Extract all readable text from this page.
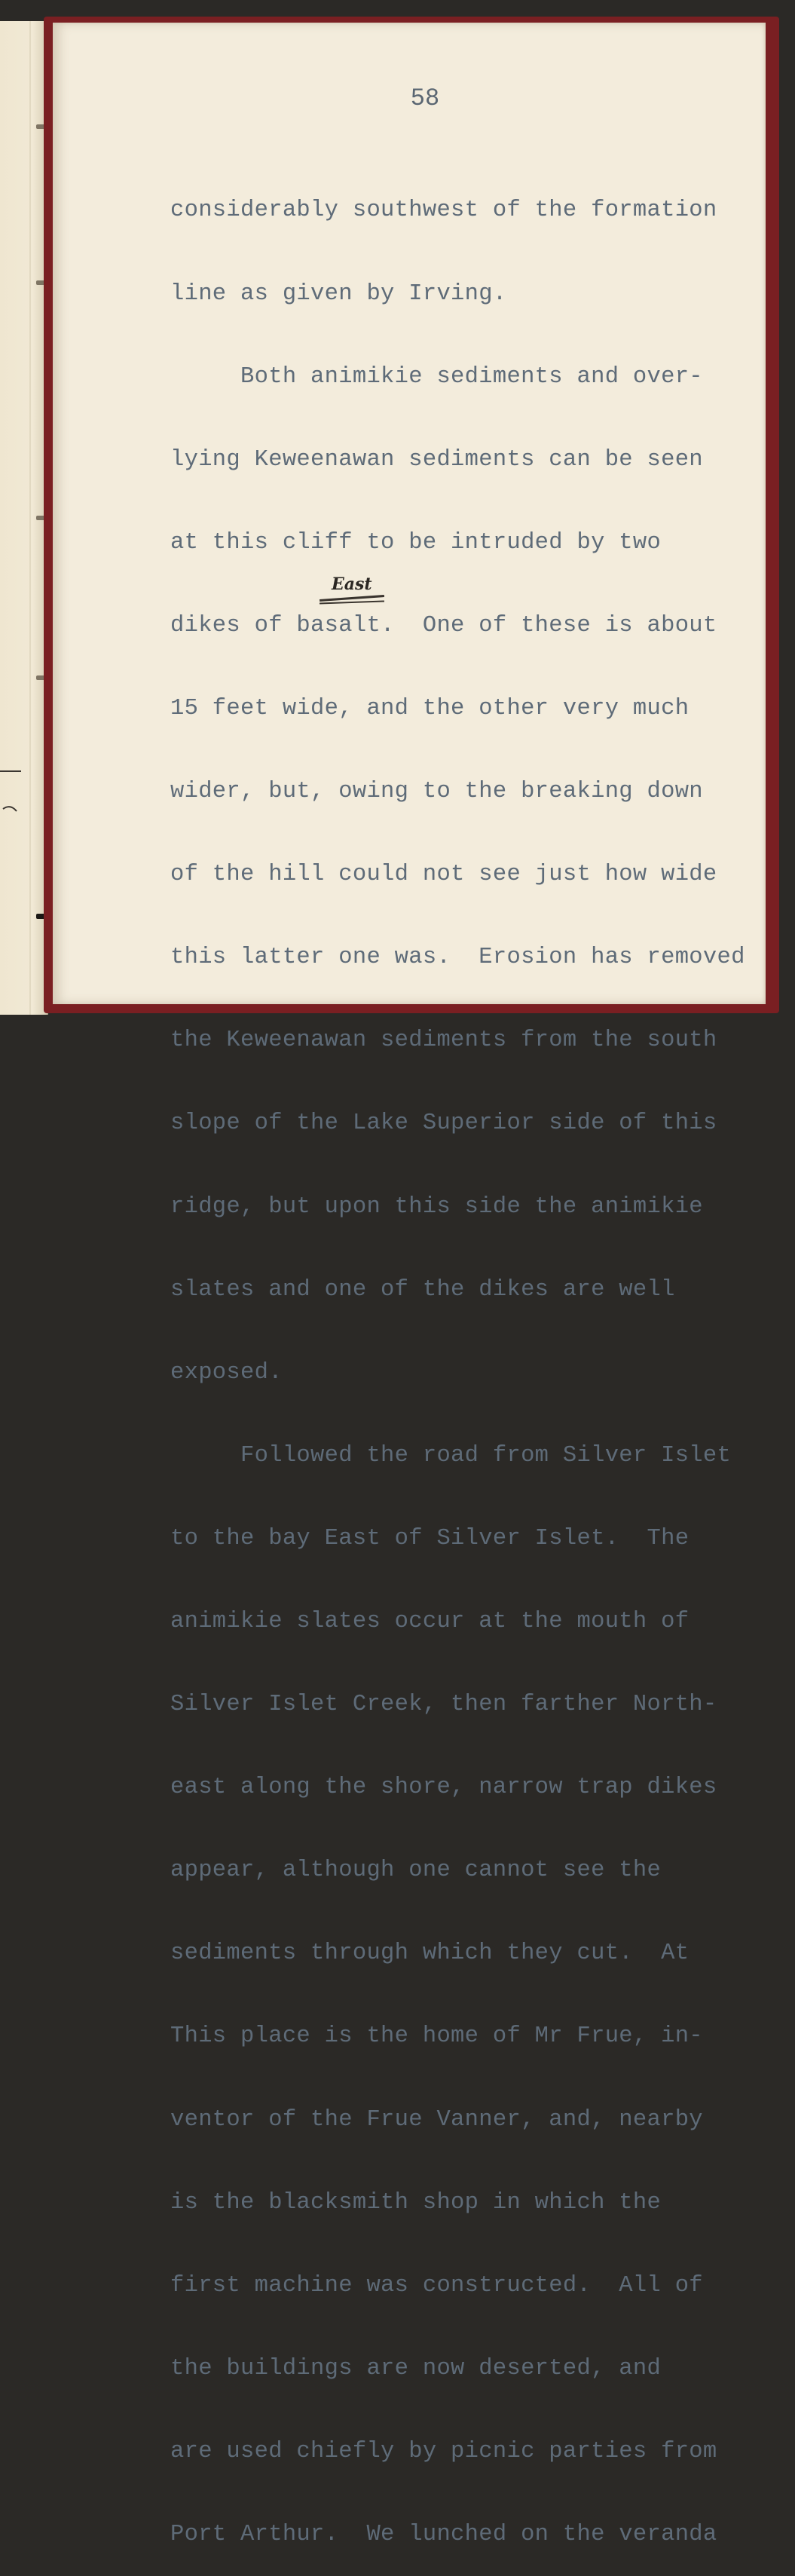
58

considerably southwest of the formation

line as given by Irving.

Both animikie sediments and over-

lying Keweenawan sediments can be seen

at this cliff to be intruded by two

dikes of basalt.  One of these is about

15 feet wide, and the other very much

wider, but, owing to the breaking down

of the hill could not see just how wide

this latter one was.  Erosion has removed

the Keweenawan sediments from the south

slope of the Lake Superior side of this

ridge, but upon this side the animikie

slates and one of the dikes are well

exposed.

Followed the road from Silver Islet

to the bay East of Silver Islet.  The

animikie slates occur at the mouth of

Silver Islet Creek, then farther North-

east along the shore, narrow trap dikes

appear, although one cannot see the

sediments through which they cut.  At

This place is the home of Mr Frue, in-

ventor of the Frue Vanner, and, nearby

is the blacksmith shop in which the

first machine was constructed.  All of

the buildings are now deserted, and

are used chiefly by picnic parties from

Port Arthur.  We lunched on the veranda

East
